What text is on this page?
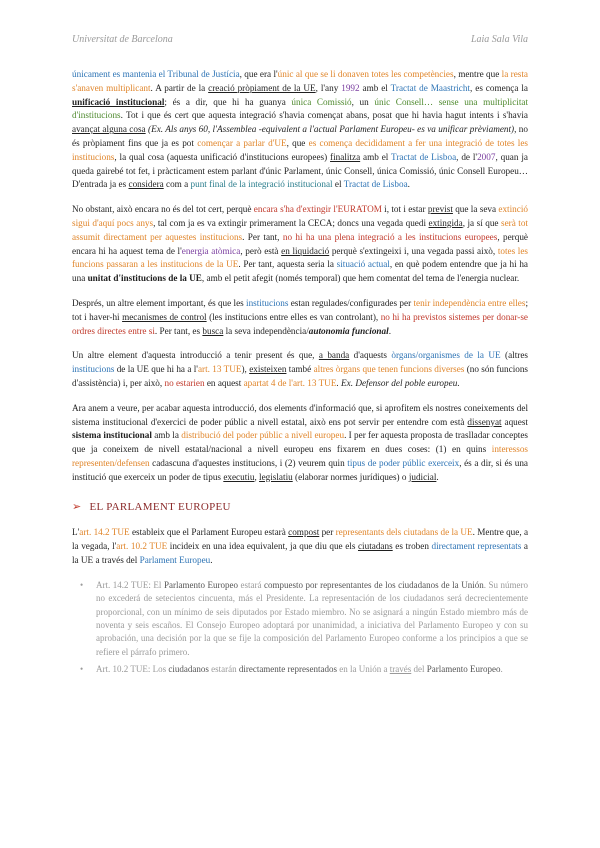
Universitat de Barcelona	Laia Sala Vila

únicament es mantenia el Tribunal de Justícia, que era l'únic al que se li donaven totes les competències, mentre que la resta s'anaven multiplicant. A partir de la creació pròpiament de la UE, l'any 1992 amb el Tractat de Maastricht, es comença la unificació institucional; és a dir, que hi ha guanya única Comissió, un únic Consell… sense una multiplicitat d'institucions. Tot i que és cert que aquesta integració s'havia començat abans, posat que hi havia hagut intents i s'havia avançat alguna cosa (Ex. Als anys 60, l'Assemblea -equivalent a l'actual Parlament Europeu- es va unificar prèviament), no és pròpiament fins que ja es pot començar a parlar d'UE, que es comença decididament a fer una integració de totes les institucions, la qual cosa (aquesta unificació d'institucions europees) finalitza amb el Tractat de Lisboa, de l'2007, quan ja queda gairebé tot fet, i pràcticament estem parlant d'únic Parlament, únic Consell, única Comissió, únic Consell Europeu… D'entrada ja es considera com a punt final de la integració institucional el Tractat de Lisboa.

No obstant, això encara no és del tot cert, perquè encara s'ha d'extingir l'EURATOM i, tot i estar previst que la seva extinció sigui d'aquí pocs anys, tal com ja es va extingir primerament la CECA; doncs una vegada quedi extingida, ja sí que serà tot assumit directament per aquestes institucions. Per tant, no hi ha una plena integració a les institucions europees, perquè encara hi ha aquest tema de l'energia atòmica, però està en liquidació perquè s'extingeixi i, una vegada passi això, totes les funcions passaran a les institucions de la UE. Per tant, aquesta seria la situació actual, en què podem entendre que ja hi ha una unitat d'institucions de la UE, amb el petit afegit (només temporal) que hem comentat del tema de l'energia nuclear.

Després, un altre element important, és que les institucions estan regulades/configurades per tenir independència entre elles; tot i haver-hi mecanismes de control (les institucions entre elles es van controlant), no hi ha previstos sistemes per donar-se ordres directes entre si. Per tant, es busca la seva independència/autonomia funcional.

Un altre element d'aquesta introducció a tenir present és que, a banda d'aquests òrgans/organismes de la UE (altres institucions de la UE que hi ha a l'art. 13 TUE), existeixen també altres òrgans que tenen funcions diverses (no són funcions d'assistència) i, per això, no estarien en aquest apartat 4 de l'art. 13 TUE. Ex. Defensor del poble europeu.

Ara anem a veure, per acabar aquesta introducció, dos elements d'informació que, si aprofitem els nostres coneixements del sistema institucional d'exercici de poder públic a nivell estatal, això ens pot servir per entendre com està dissenyat aquest sistema institucional amb la distribució del poder públic a nivell europeu. I per fer aquesta proposta de traslladar conceptes que ja coneixem de nivell estatal/nacional a nivell europeu ens fixarem en dues coses: (1) en quins interessos representen/defensen cadascuna d'aquestes institucions, i (2) veurem quin tipus de poder públic exerceix, és a dir, si és una institució que exerceix un poder de tipus executiu, legislatiu (elaborar normes jurídiques) o judicial.

➢ EL PARLAMENT EUROPEU

L'art. 14.2 TUE estableix que el Parlament Europeu estarà compost per representants dels ciutadans de la UE. Mentre que, a la vegada, l'art. 10.2 TUE incideix en una idea equivalent, ja que diu que els ciutadans es troben directament representats a la UE a través del Parlament Europeu.

• Art. 14.2 TUE: El Parlamento Europeo estará compuesto por representantes de los ciudadanos de la Unión. Su número no excederá de setecientos cincuenta, más el Presidente. La representación de los ciudadanos será decrecientemente proporcional, con un mínimo de seis diputados por Estado miembro. No se asignará a ningún Estado miembro más de noventa y seis escaños. El Consejo Europeo adoptará por unanimidad, a iniciativa del Parlamento Europeo y con su aprobación, una decisión por la que se fije la composición del Parlamento Europeo conforme a los principios a que se refiere el párrafo primero.

• Art. 10.2 TUE: Los ciudadanos estarán directamente representados en la Unión a través del Parlamento Europeo.
